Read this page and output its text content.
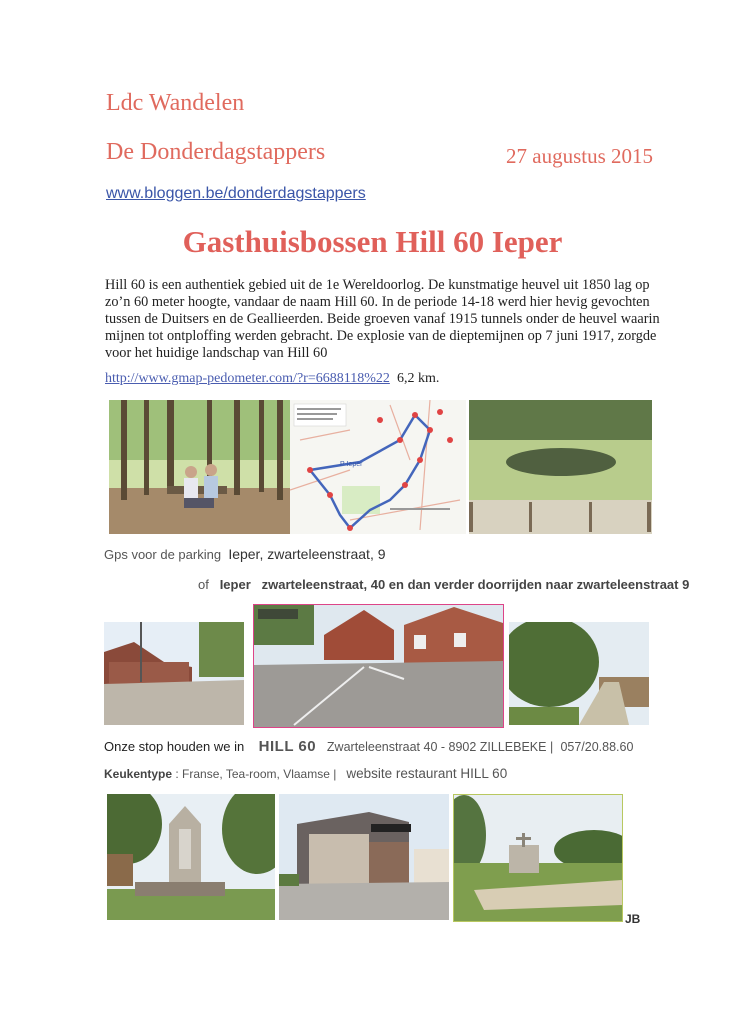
Ldc Wandelen
De Donderdagstappers	27 augustus 2015
www.bloggen.be/donderdagstappers
Gasthuisbossen Hill 60 Ieper
Hill 60 is een authentiek gebied uit de 1e Wereldoorlog. De kunstmatige heuvel uit 1850 lag op zo’n 60 meter hoogte, vandaar de naam Hill 60. In de periode 14-18 werd hier hevig gevochten tussen de Duitsers en de Geallieerden. Beide groeven vanaf 1915 tunnels onder de heuvel waarin mijnen tot ontploffing werden gebracht. De explosie van de dieptemijnen op 7 juni 1917, zorgde voor het huidige landschap van Hill 60
http://www.gmap-pedometer.com/?r=6688118%22 6,2 km.
P Ieper
Gps voor de parking Ieper, zwarteleenstraat, 9
of Ieper zwarteleenstraat, 40 en dan verder doorrijden naar zwarteleenstraat 9
Onze stop houden we in HILL 60 Zwarteleenstraat 40 - 8902 ZILLEBEKE | 057/20.88.60
Keukentype : Franse, Tea-room, Vlaamse | website restaurant HILL 60
JB
